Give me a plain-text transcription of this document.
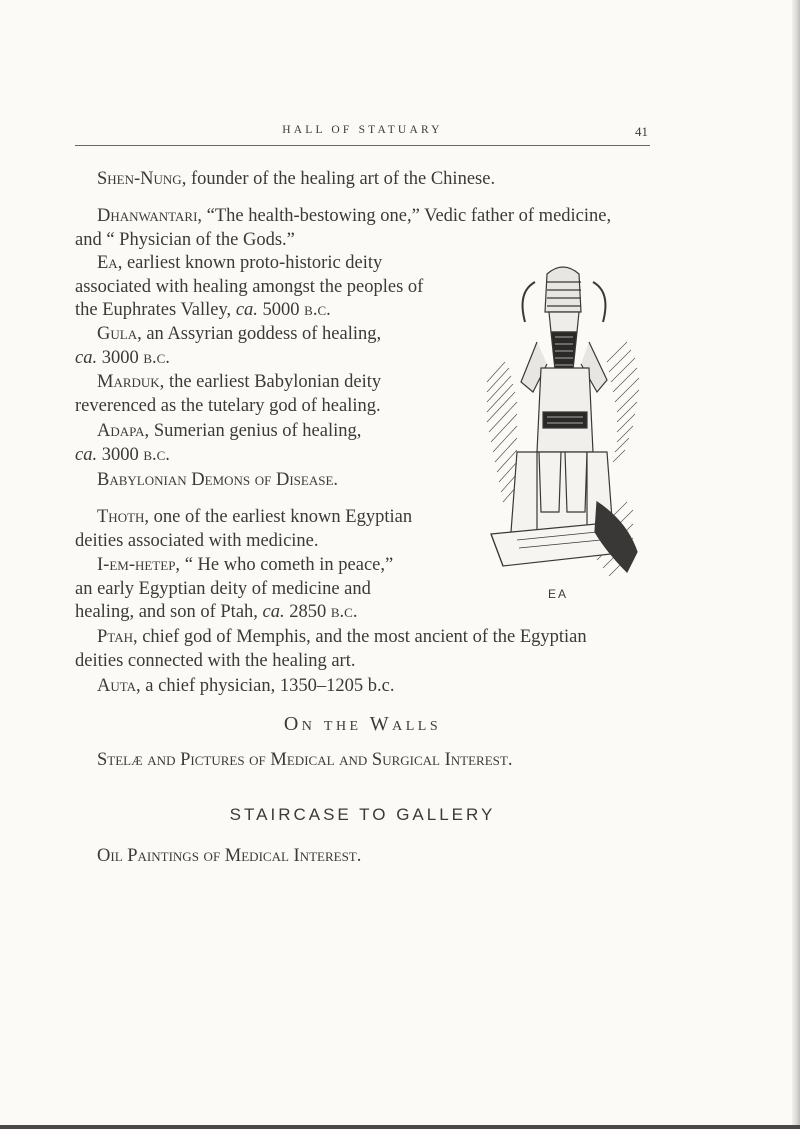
HALL OF STATUARY	41

Shen-Nung, founder of the healing art of the Chinese.

Dhanwantari, “The health-bestowing one,” Vedic father of medicine,
and “ Physician of the Gods.”
Ea, earliest known proto-historic deity
associated with healing amongst the peoples of
the Euphrates Valley, ca. 5000 b.c.
Gula, an Assyrian goddess of healing,
ca. 3000 b.c.
Marduk, the earliest Babylonian deity
reverenced as the tutelary god of healing.
Adapa, Sumerian genius of healing,
ca. 3000 b.c.
Babylonian Demons of Disease.
Thoth, one of the earliest known Egyptian
deities associated with medicine.
I-em-hetep, “ He who cometh in peace,”
an early Egyptian deity of medicine and
healing, and son of Ptah, ca. 2850 b.c.
Ptah, chief god of Memphis, and the most ancient of the Egyptian
deities connected with the healing art.
Auta, a chief physician, 1350–1205 b.c.
On the Walls
Stelæ and Pictures of Medical and Surgical Interest.
STAIRCASE TO GALLERY
Oil Paintings of Medical Interest.
EA
